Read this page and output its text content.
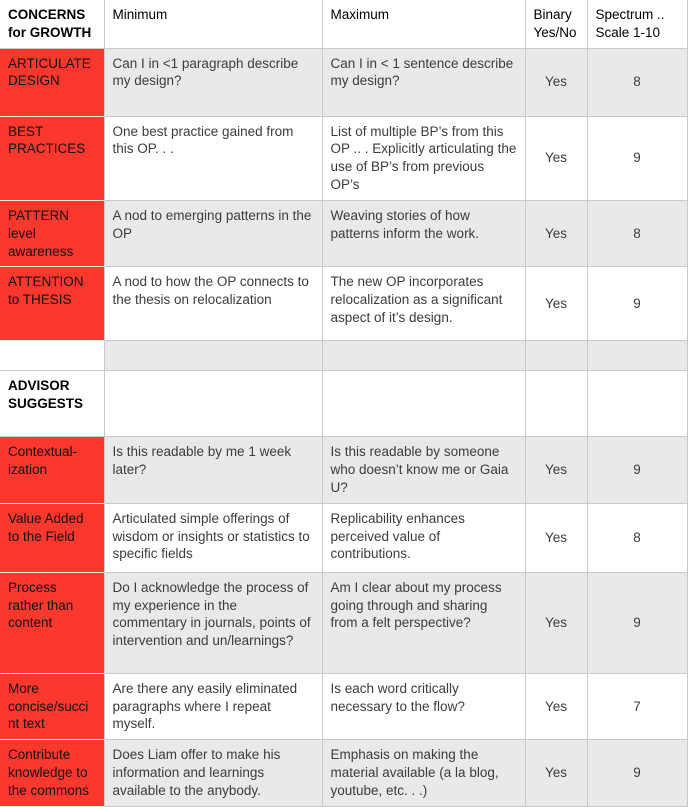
CONCERNS for GROWTH	Minimum	Maximum	Binary Yes/No	Spectrum .. Scale 1-10
ARTICULATE DESIGN	Can I in <1 paragraph describe my design?	Can I in < 1 sentence describe my design?	Yes	8
BEST PRACTICES	One best practice gained from this OP. . .	List of multiple BP’s from this OP .. . Explicitly articulating the use of BP’s from previous OP’s	Yes	9
PATTERN level awareness	A nod to emerging patterns in the OP	Weaving stories of how patterns inform the work.	Yes	8
ATTENTION to THESIS	A nod to how the OP connects to the thesis on relocalization	The new OP incorporates relocalization as a significant aspect of it’s design.	Yes	9

ADVISOR SUGGESTS				
Contextual-ization	Is this readable by me 1 week later?	Is this readable by someone who doesn’t know me or Gaia U?	Yes	9
Value Added to the Field	Articulated simple offerings of wisdom or insights or statistics to specific fields	Replicability enhances perceived value of contributions.	Yes	8
Process rather than content	Do I acknowledge the process of my experience in the commentary in journals, points of intervention and un/learnings?	Am I clear about my process going through and sharing from a felt perspective?	Yes	9
More concise/succint text	Are there any easily eliminated paragraphs where I repeat myself.	Is each word critically necessary to the flow?	Yes	7
Contribute knowledge to the commons	Does Liam offer to make his information and learnings available to the anybody.	Emphasis on making the material available (a la blog, youtube, etc. . .)	Yes	9
